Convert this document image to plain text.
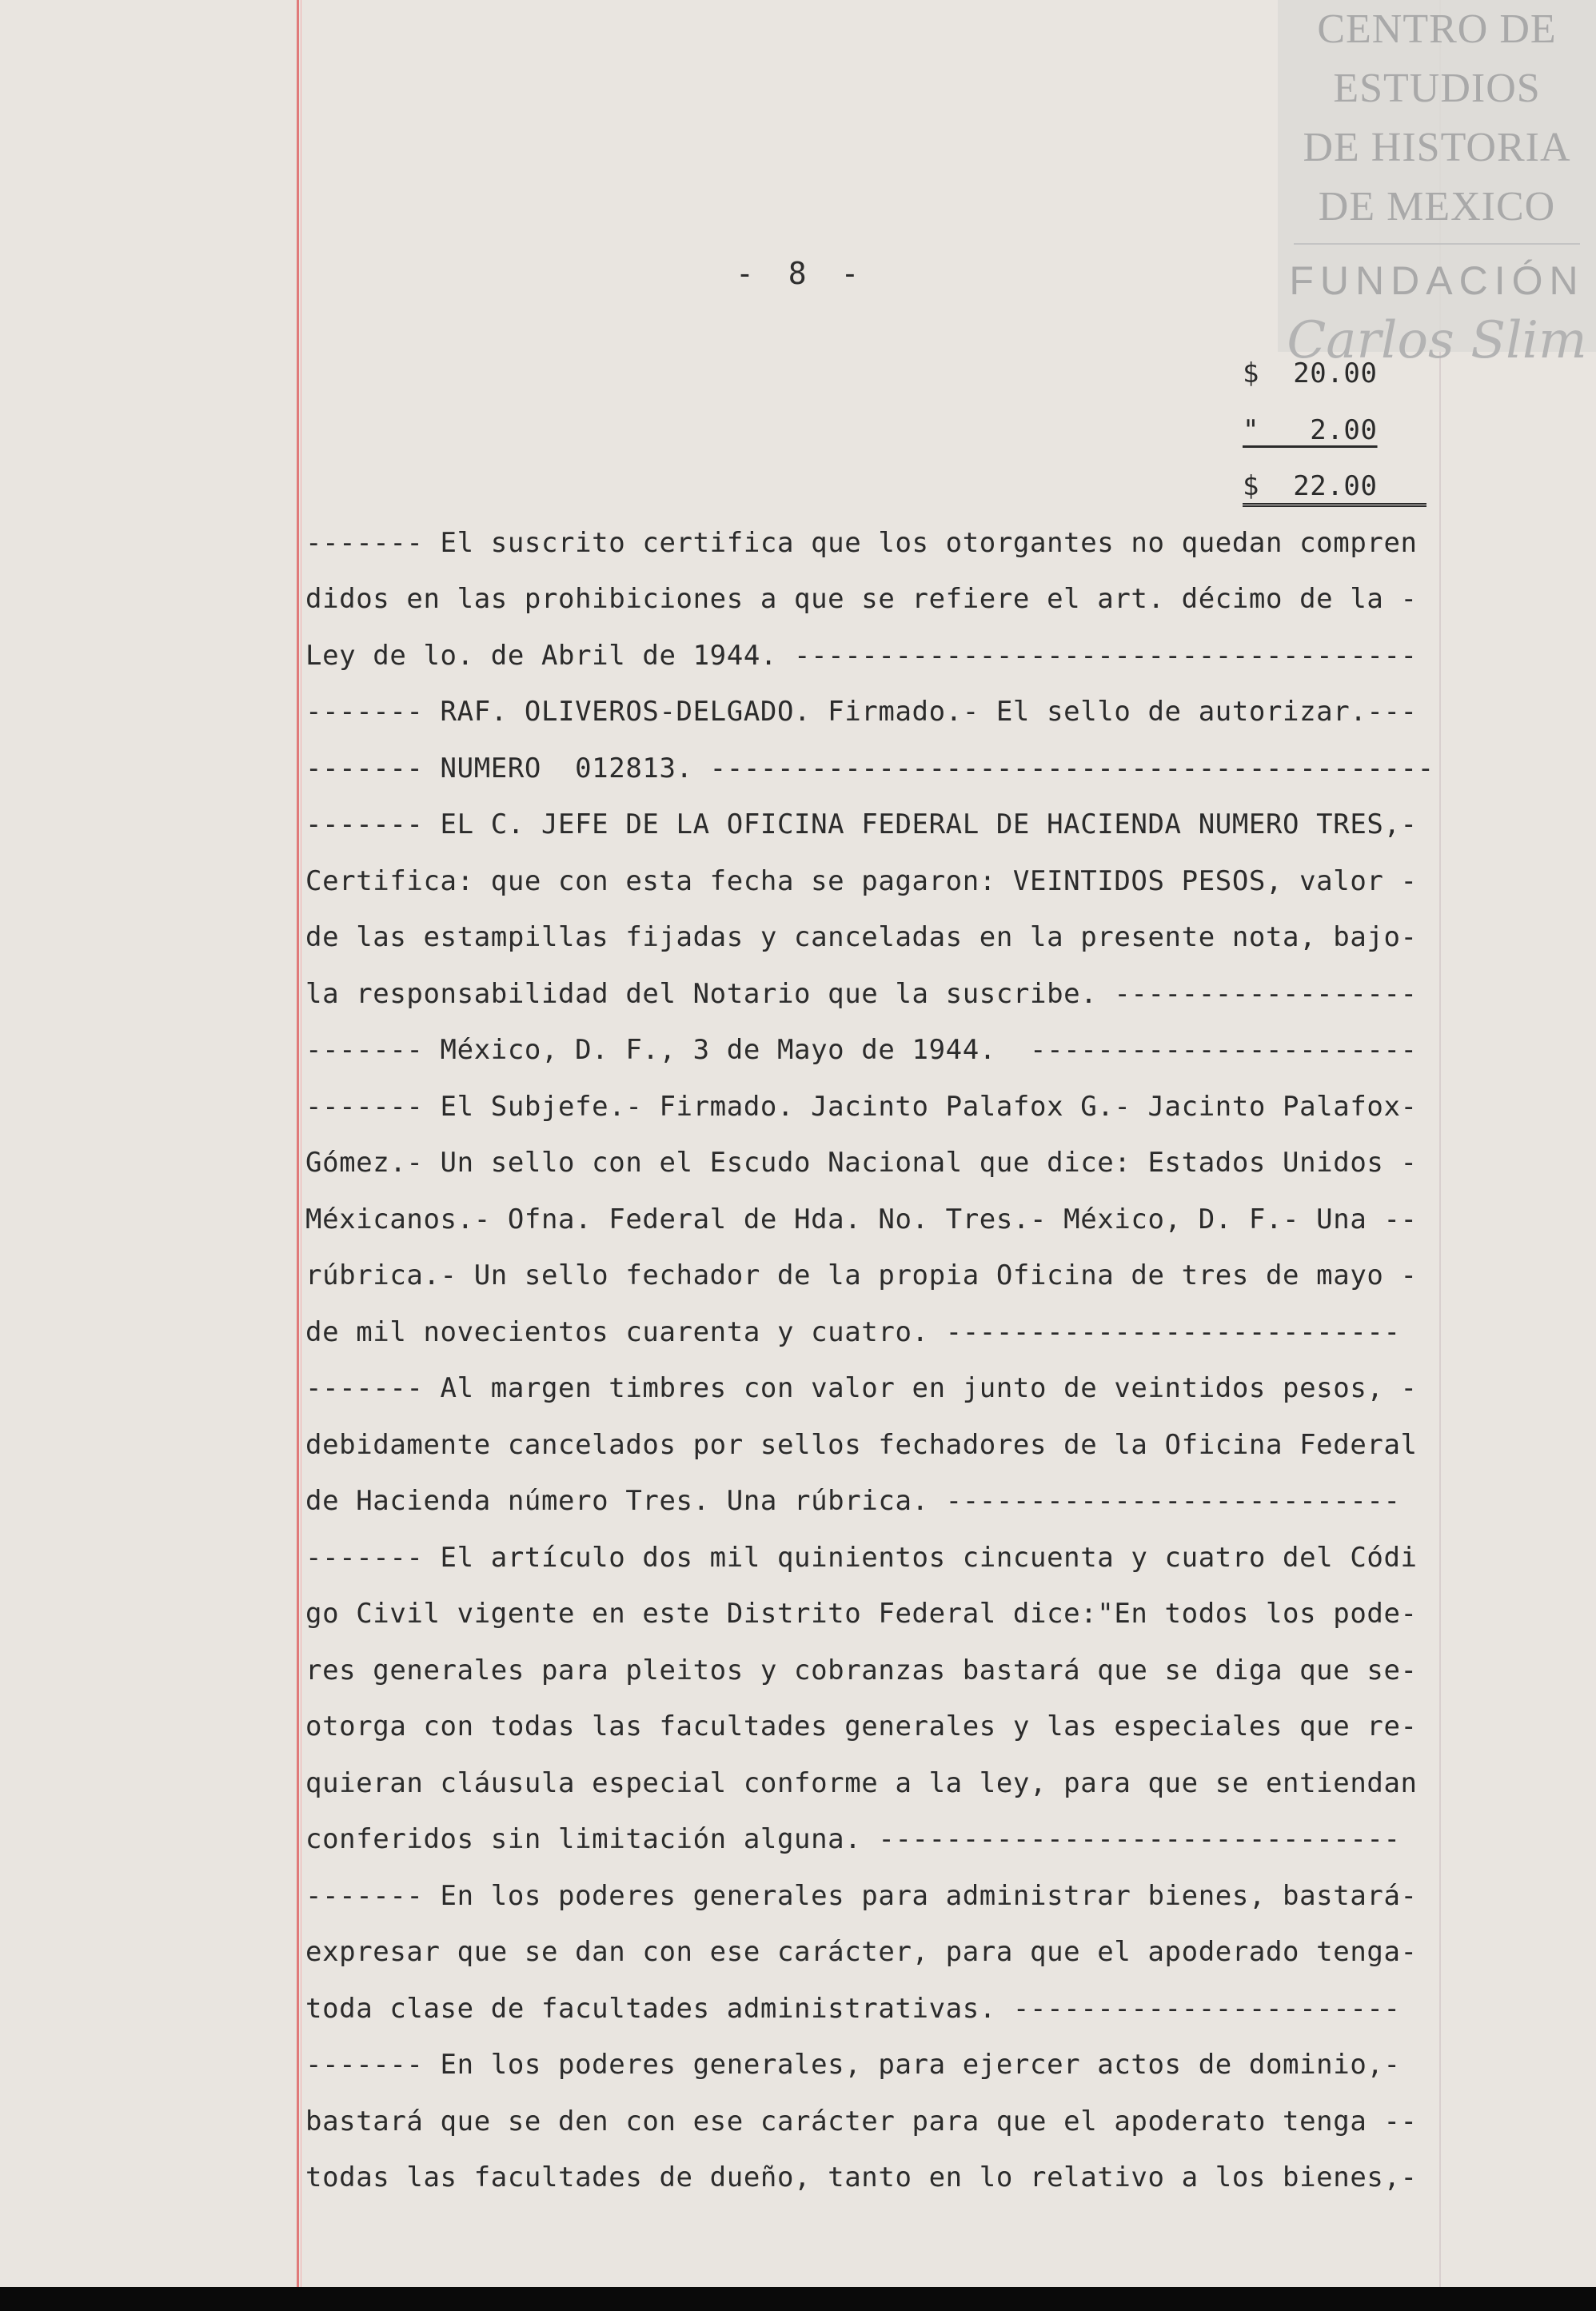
CENTRO DE
ESTUDIOS
DE HISTORIA
DE MEXICO
FUNDACIÓN
Carlos Slim
- 8 -

$  20.00

"   2.00

$  22.00

------- El suscrito certifica que los otorgantes no quedan compren
didos en las prohibiciones a que se refiere el art. décimo de la -
Ley de lo. de Abril de 1944. -------------------------------------
------- RAF. OLIVEROS-DELGADO. Firmado.- El sello de autorizar.---
------- NUMERO  012813. -------------------------------------------
------- EL C. JEFE DE LA OFICINA FEDERAL DE HACIENDA NUMERO TRES,-
Certifica: que con esta fecha se pagaron: VEINTIDOS PESOS, valor -
de las estampillas fijadas y canceladas en la presente nota, bajo-
la responsabilidad del Notario que la suscribe. ------------------
------- México, D. F., 3 de Mayo de 1944.  -----------------------
------- El Subjefe.- Firmado. Jacinto Palafox G.- Jacinto Palafox-
Gómez.- Un sello con el Escudo Nacional que dice: Estados Unidos -
Méxicanos.- Ofna. Federal de Hda. No. Tres.- México, D. F.- Una --
rúbrica.- Un sello fechador de la propia Oficina de tres de mayo -
de mil novecientos cuarenta y cuatro. ---------------------------
------- Al margen timbres con valor en junto de veintidos pesos, -
debidamente cancelados por sellos fechadores de la Oficina Federal
de Hacienda número Tres. Una rúbrica. ---------------------------
------- El artículo dos mil quinientos cincuenta y cuatro del Códi
go Civil vigente en este Distrito Federal dice:"En todos los pode-
res generales para pleitos y cobranzas bastará que se diga que se-
otorga con todas las facultades generales y las especiales que re-
quieran cláusula especial conforme a la ley, para que se entiendan
conferidos sin limitación alguna. -------------------------------
------- En los poderes generales para administrar bienes, bastará-
expresar que se dan con ese carácter, para que el apoderado tenga-
toda clase de facultades administrativas. -----------------------
------- En los poderes generales, para ejercer actos de dominio,-
bastará que se den con ese carácter para que el apoderato tenga --
todas las facultades de dueño, tanto en lo relativo a los bienes,-
